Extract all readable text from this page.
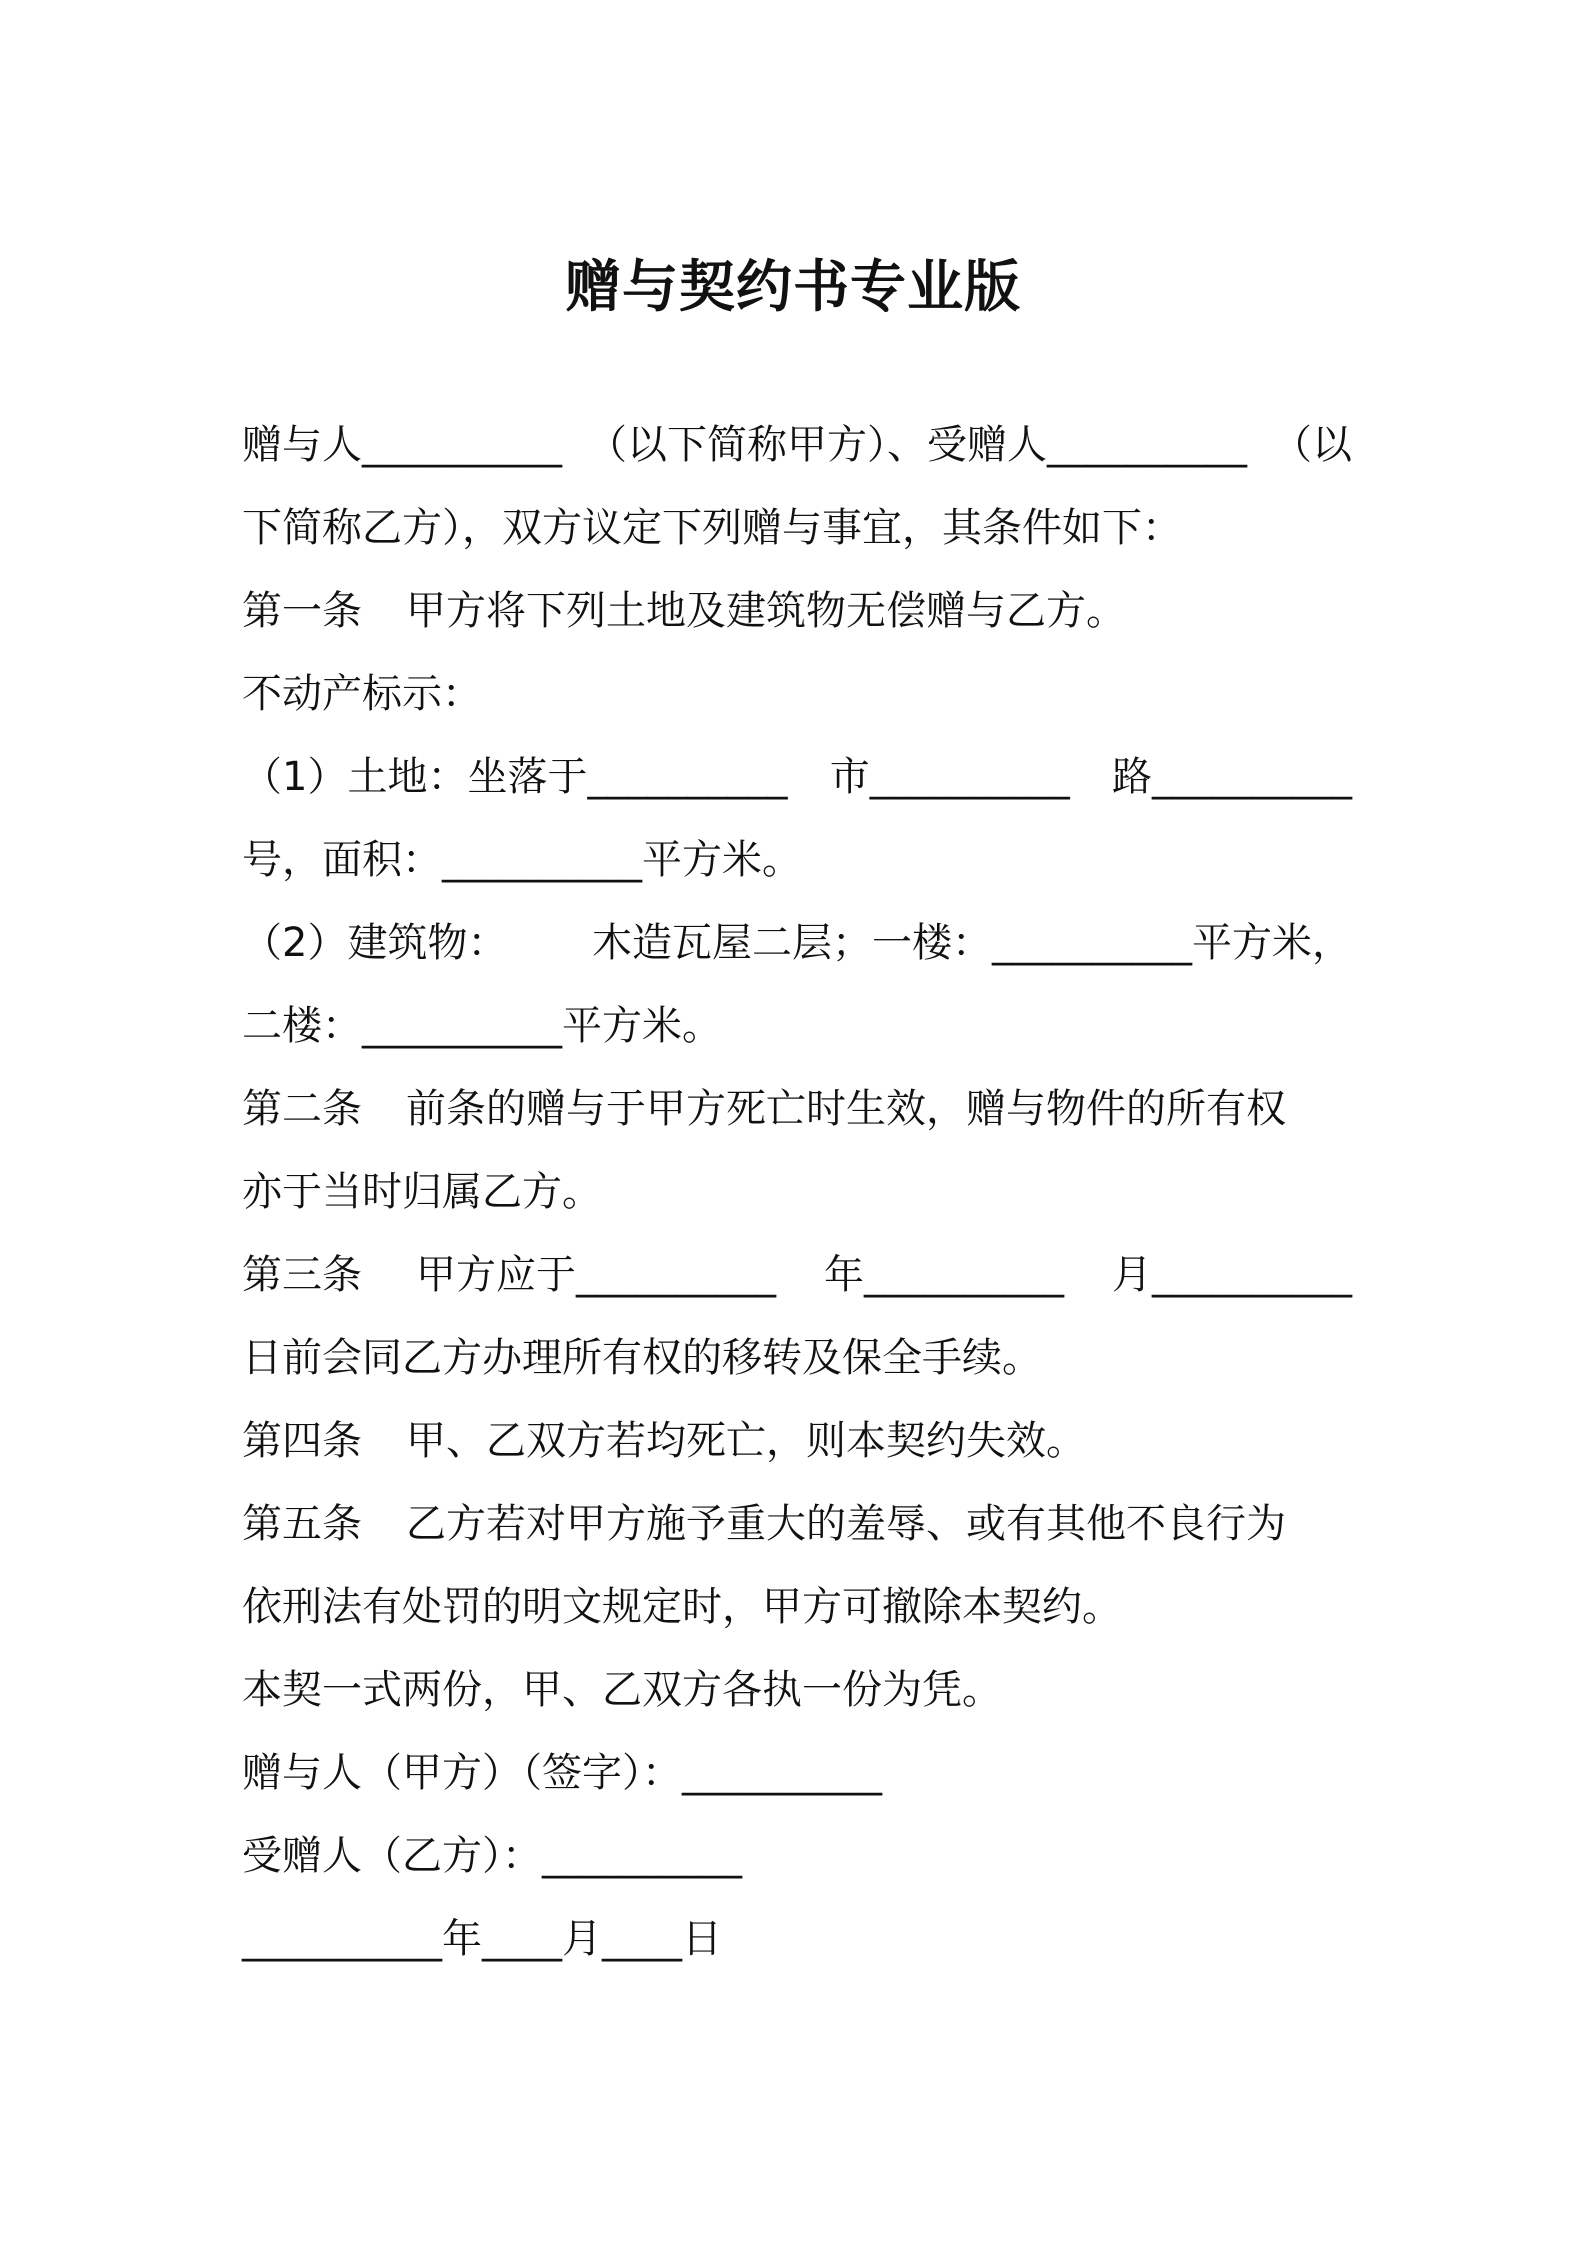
赠与契约书专业版
赠与人__________ （以下简称甲方）、受赠人__________ （以
下简称乙方），双方议定下列赠与事宜，其条件如下：
第一条 甲方将下列土地及建筑物无偿赠与乙方。
不动产标示：
（1）土地：坐落于__________ 市__________ 路__________
号，面积：__________平方米。
（2）建筑物： 木造瓦屋二层；一楼：__________平方米，
二楼：__________平方米。
第二条 前条的赠与于甲方死亡时生效，赠与物件的所有权
亦于当时归属乙方。
第三条 甲方应于__________ 年__________ 月__________
日前会同乙方办理所有权的移转及保全手续。
第四条 甲、乙双方若均死亡，则本契约失效。
第五条 乙方若对甲方施予重大的羞辱、或有其他不良行为
依刑法有处罚的明文规定时，甲方可撤除本契约。
本契一式两份，甲、乙双方各执一份为凭。
赠与人（甲方）（签字）：__________
受赠人（乙方）：__________
__________年____月____日
